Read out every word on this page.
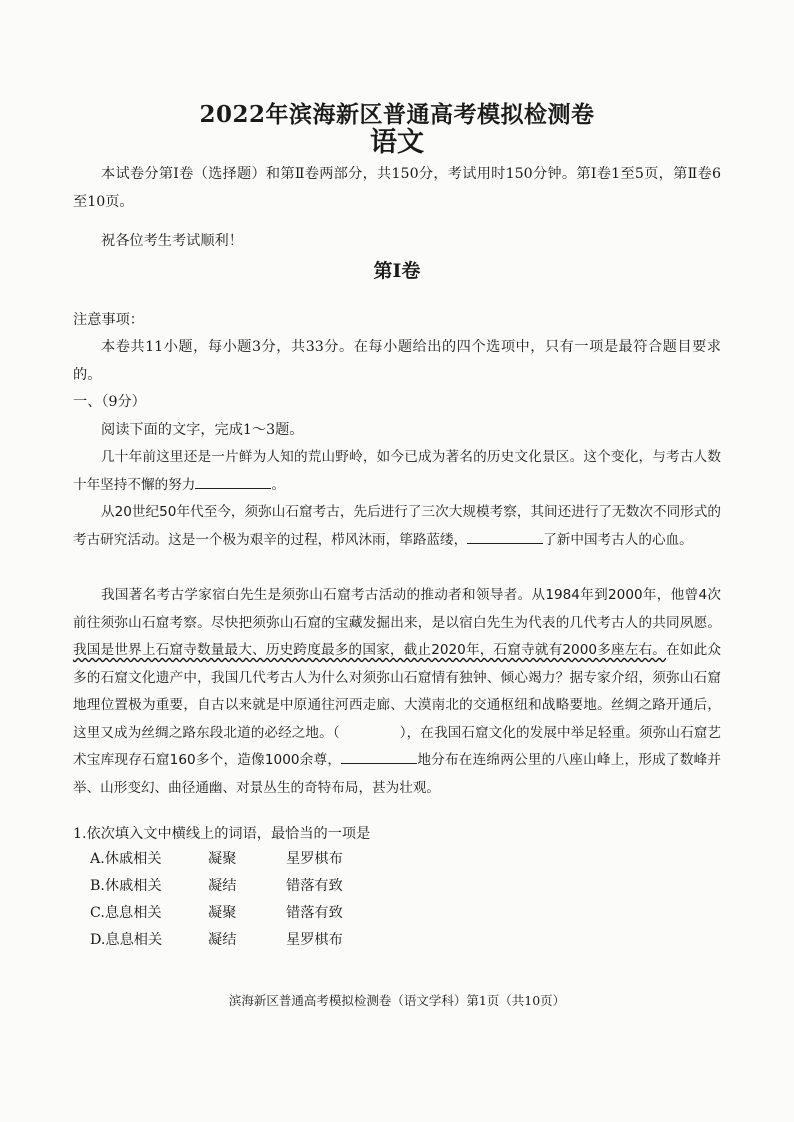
2022年滨海新区普通高考模拟检测卷
语文
本试卷分第Ⅰ卷（选择题）和第Ⅱ卷两部分，共150分，考试用时150分钟。第Ⅰ卷1至5页，第Ⅱ卷6至10页。
祝各位考生考试顺利！
第Ⅰ卷
注意事项：
本卷共11小题，每小题3分，共33分。在每小题给出的四个选项中，只有一项是最符合题目要求的。
一、（9分）
阅读下面的文字，完成1～3题。
几十年前这里还是一片鲜为人知的荒山野岭，如今已成为著名的历史文化景区。这个变化，与考古人数十年坚持不懈的努力	。
从20世纪50年代至今，须弥山石窟考古，先后进行了三次大规模考察，其间还进行了无数次不同形式的考古研究活动。这是一个极为艰辛的过程，栉风沐雨，筚路蓝缕，	了新中国考古人的心血。
我国著名考古学家宿白先生是须弥山石窟考古活动的推动者和领导者。从1984年到2000年，他曾4次前往须弥山石窟考察。尽快把须弥山石窟的宝藏发掘出来，是以宿白先生为代表的几代考古人的共同夙愿。我国是世界上石窟寺数量最大、历史跨度最多的国家，截止2020年，石窟寺就有2000多座左右。在如此众多的石窟文化遗产中，我国几代考古人为什么对须弥山石窟情有独钟、倾心竭力？据专家介绍，须弥山石窟地理位置极为重要，自古以来就是中原通往河西走廊、大漠南北的交通枢纽和战略要地。丝绸之路开通后，这里又成为丝绸之路东段北道的必经之地。（	），在我国石窟文化的发展中举足轻重。须弥山石窟艺术宝库现存石窟160多个，造像1000余尊，	地分布在连绵两公里的八座山峰上，形成了数峰并举、山形变幻、曲径通幽、对景丛生的奇特布局，甚为壮观。
1.依次填入文中横线上的词语，最恰当的一项是
A.休戚相关	凝聚	星罗棋布
B.休戚相关	凝结	错落有致
C.息息相关	凝聚	错落有致
D.息息相关	凝结	星罗棋布
滨海新区普通高考模拟检测卷（语文学科）第1页（共10页）
